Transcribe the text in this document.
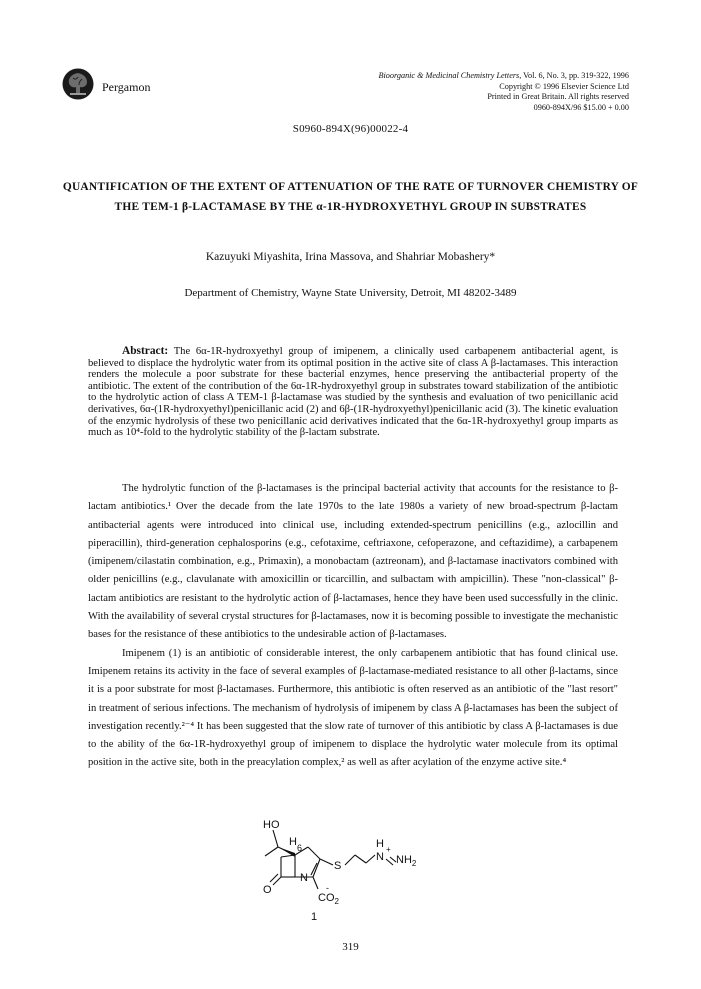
Pergamon
Bioorganic & Medicinal Chemistry Letters, Vol. 6, No. 3, pp. 319-322, 1996
Copyright © 1996 Elsevier Science Ltd
Printed in Great Britain. All rights reserved
0960-894X/96 $15.00 + 0.00
S0960-894X(96)00022-4
QUANTIFICATION OF THE EXTENT OF ATTENUATION OF THE RATE OF TURNOVER CHEMISTRY OF THE TEM-1 β-LACTAMASE BY THE α-1R-HYDROXYETHYL GROUP IN SUBSTRATES
Kazuyuki Miyashita, Irina Massova, and Shahriar Mobashery*
Department of Chemistry, Wayne State University, Detroit, MI 48202-3489

Abstract: The 6α-1R-hydroxyethyl group of imipenem, a clinically used carbapenem antibacterial agent, is believed to displace the hydrolytic water from its optimal position in the active site of class A β-lactamases. This interaction renders the molecule a poor substrate for these bacterial enzymes, hence preserving the antibacterial property of the antibiotic. The extent of the contribution of the 6α-1R-hydroxyethyl group in substrates toward stabilization of the antibiotic to the hydrolytic action of class A TEM-1 β-lactamase was studied by the synthesis and evaluation of two penicillanic acid derivatives, 6α-(1R-hydroxyethyl)penicillanic acid (2) and 6β-(1R-hydroxyethyl)penicillanic acid (3). The kinetic evaluation of the enzymic hydrolysis of these two penicillanic acid derivatives indicated that the 6α-1R-hydroxyethyl group imparts as much as 10⁴-fold to the hydrolytic stability of the β-lactam substrate.

The hydrolytic function of the β-lactamases is the principal bacterial activity that accounts for the resistance to β-lactam antibiotics.¹ Over the decade from the late 1970s to the late 1980s a variety of new broad-spectrum β-lactam antibacterial agents were introduced into clinical use, including extended-spectrum penicillins (e.g., azlocillin and piperacillin), third-generation cephalosporins (e.g., cefotaxime, ceftriaxone, cefoperazone, and ceftazidime), a carbapenem (imipenem/cilastatin combination, e.g., Primaxin), a monobactam (aztreonam), and β-lactamase inactivators combined with older penicillins (e.g., clavulanate with amoxicillin or ticarcillin, and sulbactam with ampicillin). These "non-classical" β-lactam antibiotics are resistant to the hydrolytic action of β-lactamases, hence they have been used successfully in the clinic. With the availability of several crystal structures for β-lactamases, now it is becoming possible to investigate the mechanistic bases for the resistance of these antibiotics to the undesirable action of β-lactamases.

Imipenem (1) is an antibiotic of considerable interest, the only carbapenem antibiotic that has found clinical use. Imipenem retains its activity in the face of several examples of β-lactamase-mediated resistance to all other β-lactams, since it is a poor substrate for most β-lactamases. Furthermore, this antibiotic is often reserved as an antibiotic of the "last resort" in treatment of serious infections. The mechanism of hydrolysis of imipenem by class A β-lactamases has been the subject of investigation recently.²⁻⁴ It has been suggested that the slow rate of turnover of this antibiotic by class A β-lactamases is due to the ability of the 6α-1R-hydroxyethyl group of imipenem to displace the hydrolytic water molecule from its optimal position in the active site, both in the preacylation complex,² as well as after acylation of the enzyme active site.⁴

HO
H 6
O
N
S
H
N
+
$NH_2$
$CO_2$
-
1
319
